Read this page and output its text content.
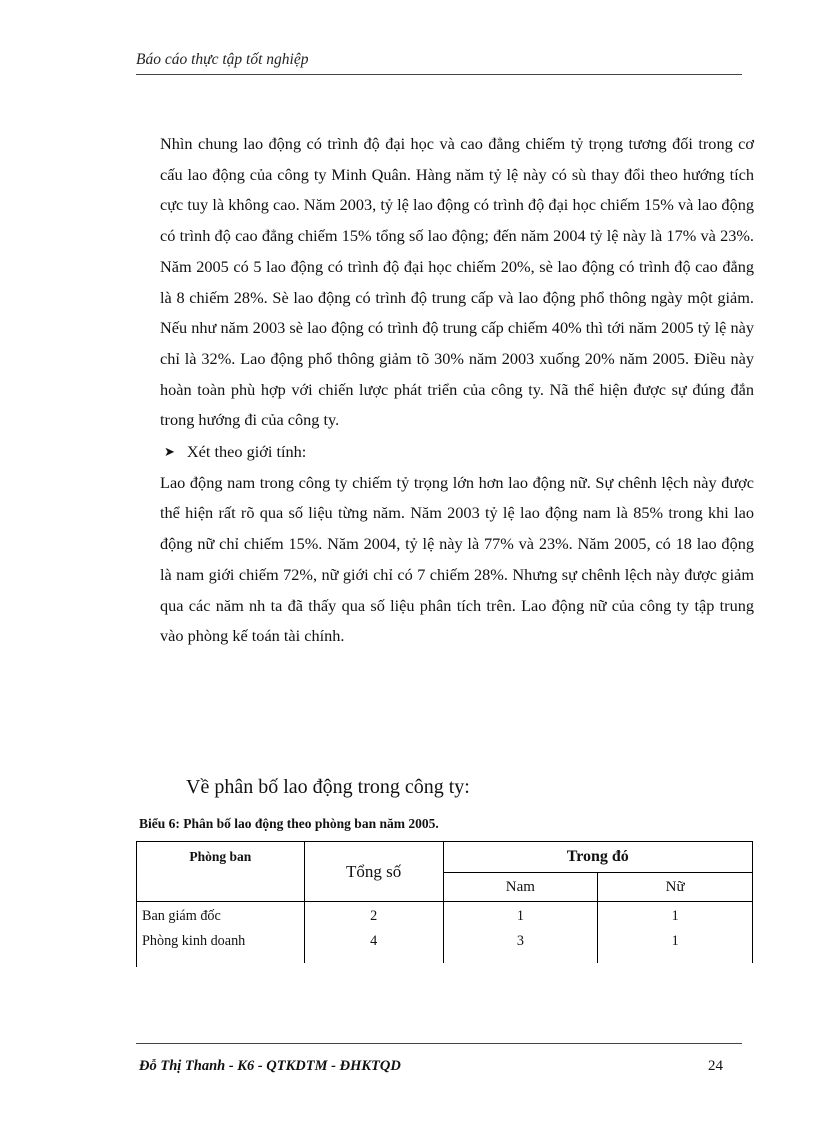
Báo cáo thực tập tốt nghiệp

Nhìn chung lao động có trình độ đại học và cao đẳng chiếm tỷ trọng tương đối trong cơ cấu lao động của công ty Minh Quân. Hàng năm tỷ lệ này có sù thay đổi theo hướng tích cực tuy là không cao. Năm 2003, tỷ lệ lao động có trình độ đại học chiếm 15% và lao động có trình độ cao đẳng chiếm 15% tổng số lao động; đến năm 2004 tỷ lệ này là 17% và 23%. Năm 2005 có 5 lao động có trình độ đại học chiếm 20%, sè lao động có trình độ cao đẳng là 8 chiếm 28%. Sè lao động có trình độ trung cấp và lao động phổ thông ngày một giảm. Nếu như năm 2003 sè lao động có trình độ trung cấp chiếm 40% thì tới năm 2005 tỷ lệ này chỉ là 32%. Lao động phổ thông giảm tõ 30% năm 2003 xuống 20% năm 2005. Điều này hoàn toàn phù hợp với chiến lược phát triển của công ty. Nã thể hiện được sự đúng đắn trong hướng đi của công ty.

➤ Xét theo giới tính:

Lao động nam trong công ty chiếm tỷ trọng lớn hơn lao động nữ. Sự chênh lệch này được thể hiện rất rõ qua số liệu từng năm. Năm 2003 tỷ lệ lao động nam là 85% trong khi lao động nữ chỉ chiếm 15%. Năm 2004, tỷ lệ này là 77% và 23%. Năm 2005, có 18 lao động là nam giới chiếm 72%, nữ giới chỉ có 7 chiếm 28%. Nhưng sự chênh lệch này được giảm qua các năm nh ta đã thấy qua số liệu phân tích trên. Lao động nữ của công ty tập trung vào phòng kế toán tài chính.

Về phân bố lao động trong công ty:
Biểu 6: Phân bố lao động theo phòng ban năm 2005.
Phòng ban	Tổng số	Trong đó	
		Nam	Nữ
Ban giám đốc	2	1	1
Phòng kinh doanh	4	3	1
Đỗ Thị Thanh - K6 - QTKDTM - ĐHKTQD	24
